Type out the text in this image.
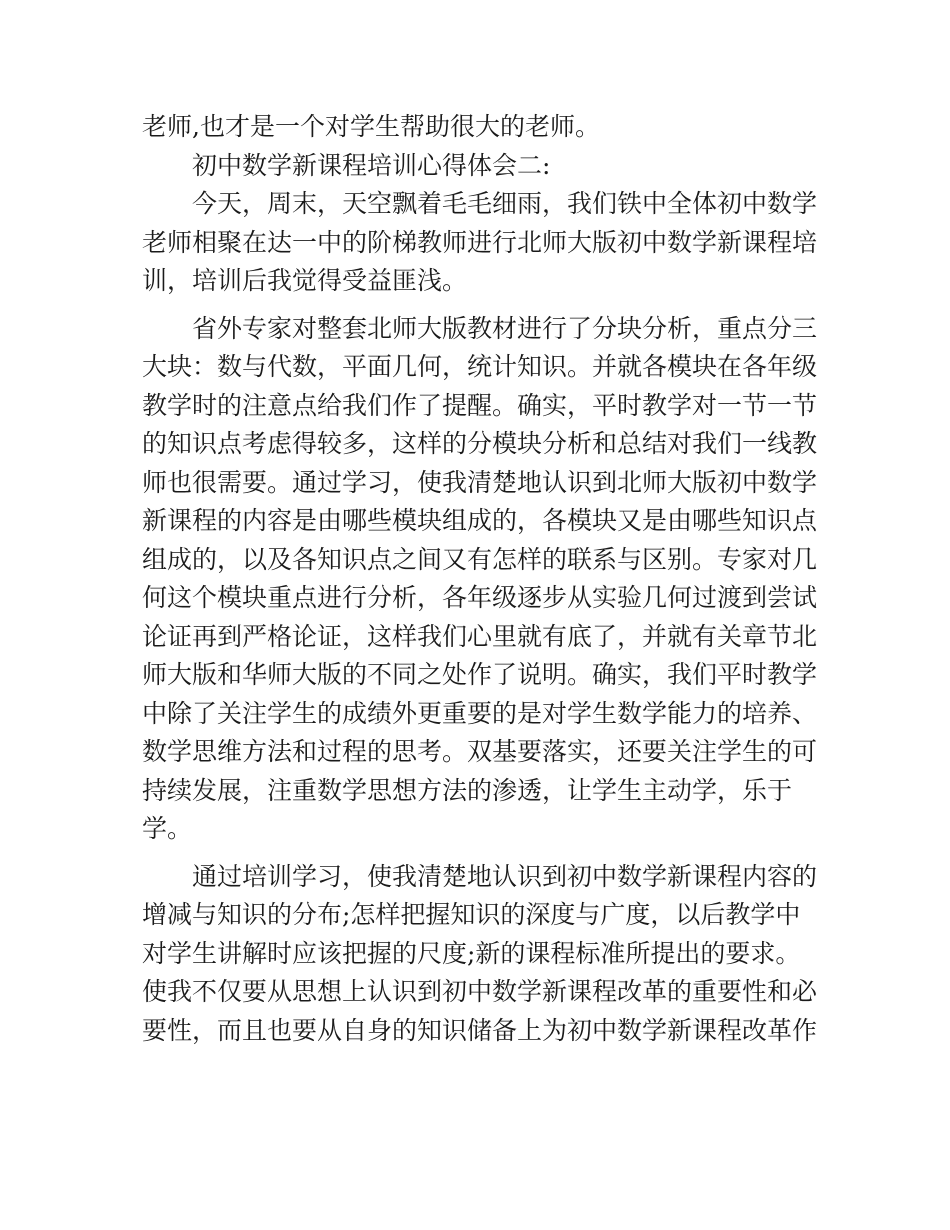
老师,也才是一个对学生帮助很大的老师。
初中数学新课程培训心得体会二:
今天，周末，天空飘着毛毛细雨，我们铁中全体初中数学
老师相聚在达一中的阶梯教师进行北师大版初中数学新课程培
训，培训后我觉得受益匪浅。
省外专家对整套北师大版教材进行了分块分析，重点分三
大块：数与代数，平面几何，统计知识。并就各模块在各年级
教学时的注意点给我们作了提醒。确实，平时教学对一节一节
的知识点考虑得较多，这样的分模块分析和总结对我们一线教
师也很需要。通过学习，使我清楚地认识到北师大版初中数学
新课程的内容是由哪些模块组成的，各模块又是由哪些知识点
组成的，以及各知识点之间又有怎样的联系与区别。专家对几
何这个模块重点进行分析，各年级逐步从实验几何过渡到尝试
论证再到严格论证，这样我们心里就有底了，并就有关章节北
师大版和华师大版的不同之处作了说明。确实，我们平时教学
中除了关注学生的成绩外更重要的是对学生数学能力的培养、
数学思维方法和过程的思考。双基要落实，还要关注学生的可
持续发展，注重数学思想方法的渗透，让学生主动学，乐于
学。
通过培训学习，使我清楚地认识到初中数学新课程内容的
增减与知识的分布;怎样把握知识的深度与广度，以后教学中
对学生讲解时应该把握的尺度;新的课程标准所提出的要求。
使我不仅要从思想上认识到初中数学新课程改革的重要性和必
要性，而且也要从自身的知识储备上为初中数学新课程改革作
